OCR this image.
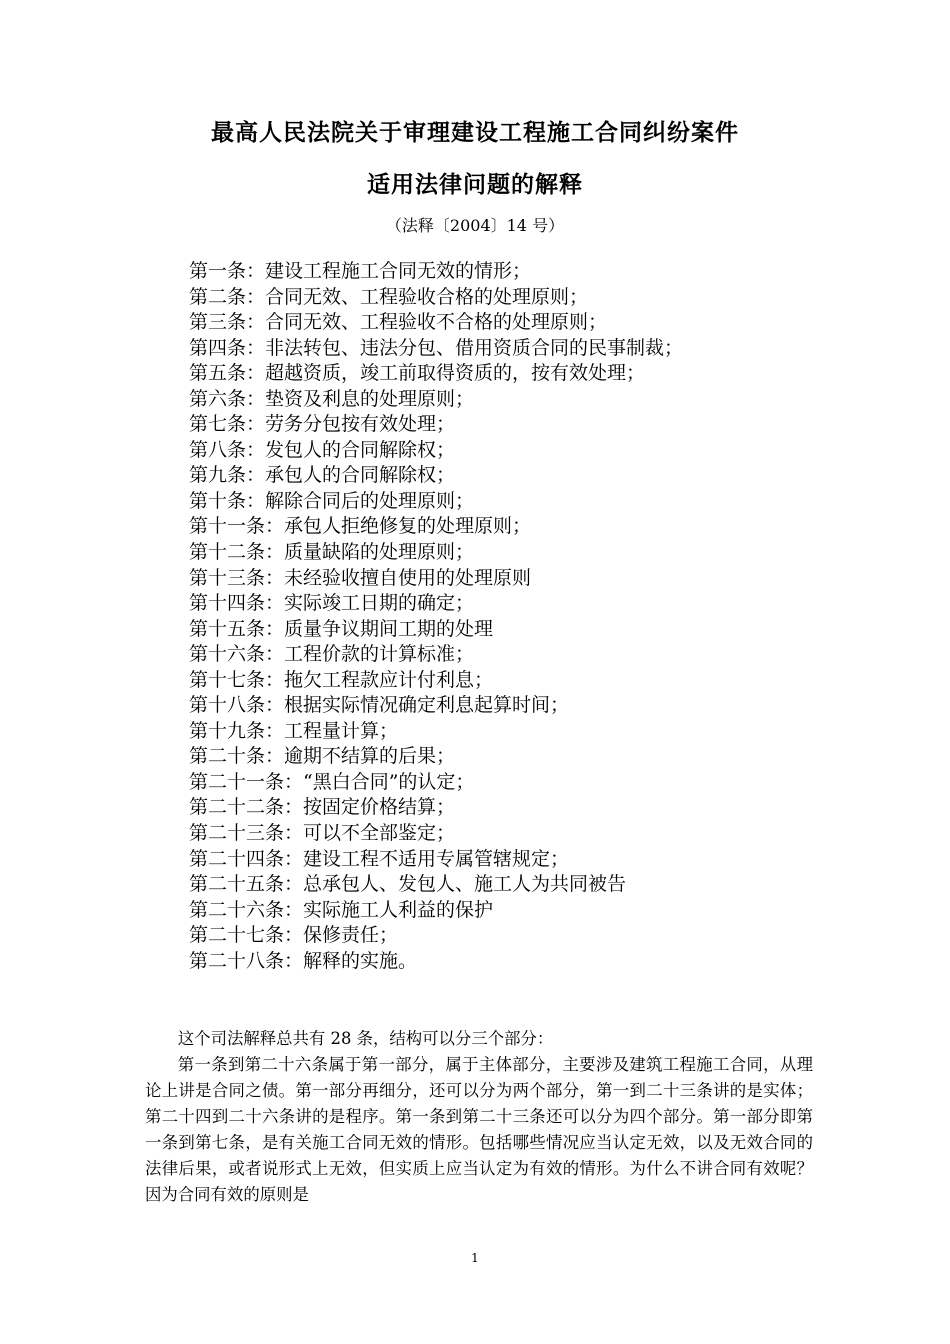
最高人民法院关于审理建设工程施工合同纠纷案件
适用法律问题的解释
（法释〔2004〕14 号）
第一条：建设工程施工合同无效的情形；
第二条：合同无效、工程验收合格的处理原则；
第三条：合同无效、工程验收不合格的处理原则；
第四条：非法转包、违法分包、借用资质合同的民事制裁；
第五条：超越资质，竣工前取得资质的，按有效处理；
第六条：垫资及利息的处理原则；
第七条：劳务分包按有效处理；
第八条：发包人的合同解除权；
第九条：承包人的合同解除权；
第十条：解除合同后的处理原则；
第十一条：承包人拒绝修复的处理原则；
第十二条：质量缺陷的处理原则；
第十三条：未经验收擅自使用的处理原则
第十四条：实际竣工日期的确定；
第十五条：质量争议期间工期的处理
第十六条：工程价款的计算标准；
第十七条：拖欠工程款应计付利息；
第十八条：根据实际情况确定利息起算时间；
第十九条：工程量计算；
第二十条：逾期不结算的后果；
第二十一条：“黑白合同”的认定；
第二十二条：按固定价格结算；
第二十三条：可以不全部鉴定；
第二十四条：建设工程不适用专属管辖规定；
第二十五条：总承包人、发包人、施工人为共同被告
第二十六条：实际施工人利益的保护
第二十七条：保修责任；
第二十八条：解释的实施。

这个司法解释总共有 28 条，结构可以分三个部分：

第一条到第二十六条属于第一部分，属于主体部分，主要涉及建筑工程施工合同，从理论上讲是合同之债。第一部分再细分，还可以分为两个部分，第一到二十三条讲的是实体；第二十四到二十六条讲的是程序。第一条到第二十三条还可以分为四个部分。第一部分即第一条到第七条，是有关施工合同无效的情形。包括哪些情况应当认定无效，以及无效合同的法律后果，或者说形式上无效，但实质上应当认定为有效的情形。为什么不讲合同有效呢？因为合同有效的原则是

1
